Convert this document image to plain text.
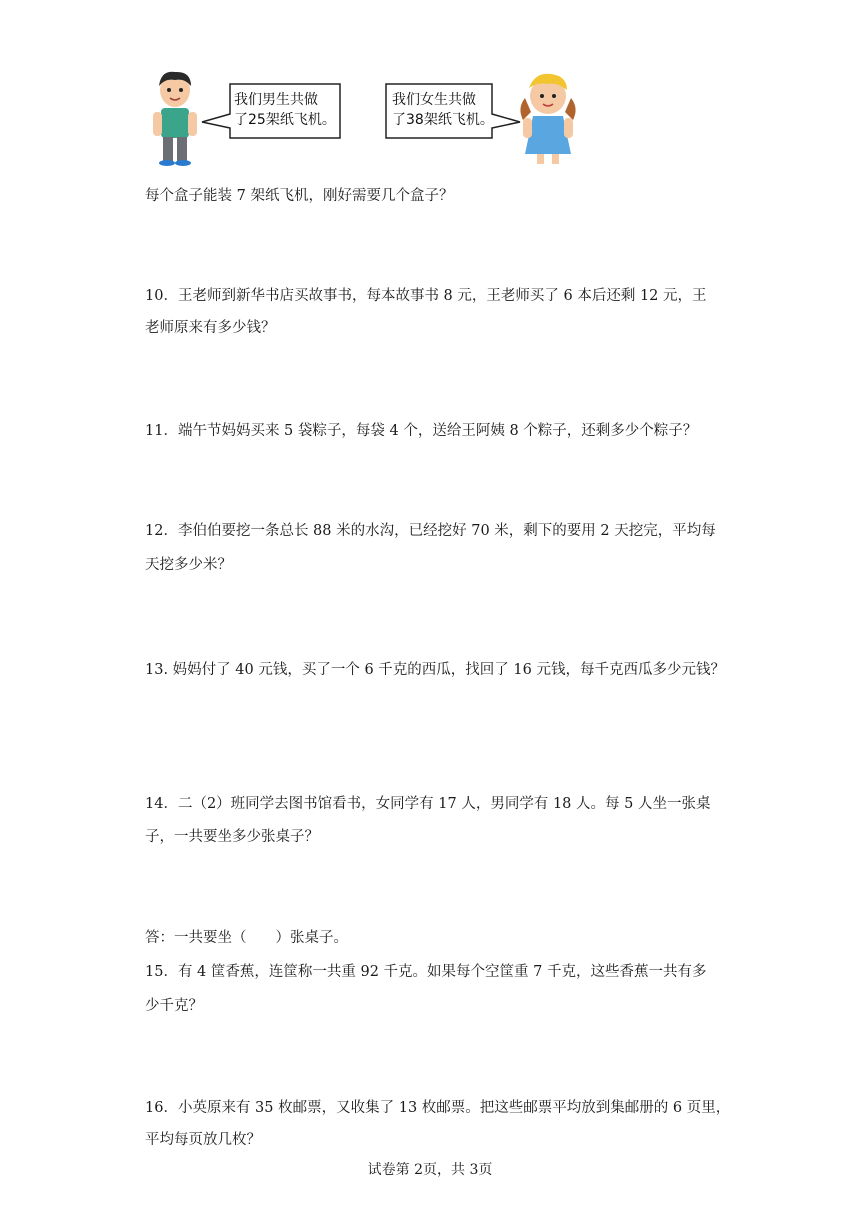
我们男生共做
了25架纸飞机。
我们女生共做
了38架纸飞机。
每个盒子能装 7 架纸飞机，刚好需要几个盒子？
10．王老师到新华书店买故事书，每本故事书 8 元，王老师买了 6 本后还剩 12 元，王
老师原来有多少钱？
11．端午节妈妈买来 5 袋粽子，每袋 4 个，送给王阿姨 8 个粽子，还剩多少个粽子？
12．李伯伯要挖一条总长 88 米的水沟，已经挖好 70 米，剩下的要用 2 天挖完，平均每
天挖多少米？
13. 妈妈付了 40 元钱，买了一个 6 千克的西瓜，找回了 16 元钱，每千克西瓜多少元钱？
14．二（2）班同学去图书馆看书，女同学有 17 人，男同学有 18 人。每 5 人坐一张桌
子，一共要坐多少张桌子？
答：一共要坐（　　）张桌子。
15．有 4 筐香蕉，连筐称一共重 92 千克。如果每个空筐重 7 千克，这些香蕉一共有多
少千克？
16．小英原来有 35 枚邮票，又收集了 13 枚邮票。把这些邮票平均放到集邮册的 6 页里，
平均每页放几枚？
试卷第 2页，共 3页
